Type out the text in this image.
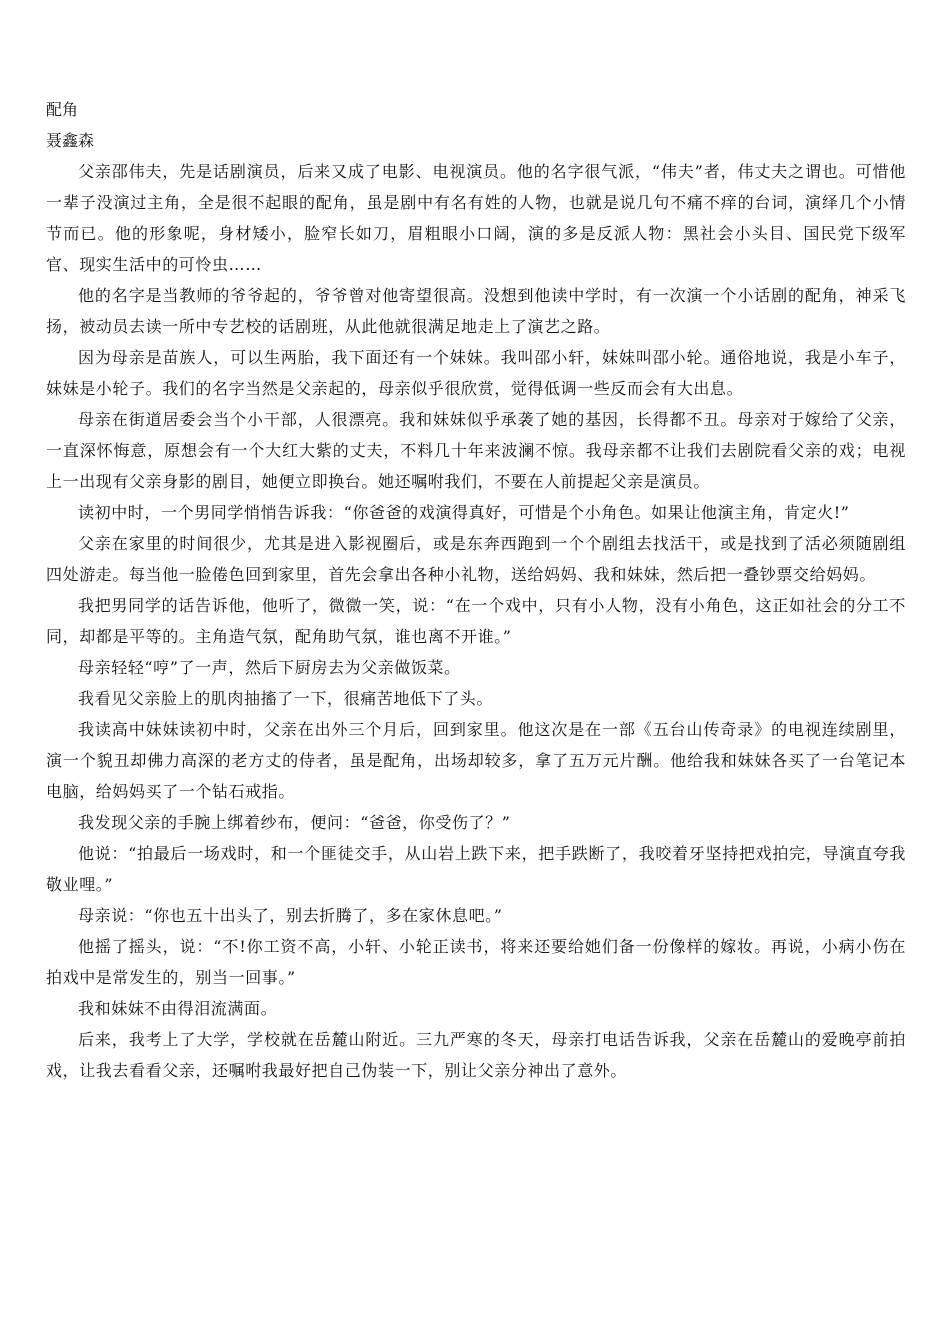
配角
聂鑫森

父亲邵伟夫，先是话剧演员，后来又成了电影、电视演员。他的名字很气派，“伟夫”者，伟丈夫之谓也。可惜他一辈子没演过主角，全是很不起眼的配角，虽是剧中有名有姓的人物，也就是说几句不痛不痒的台词，演绎几个小情节而已。他的形象呢，身材矮小，脸窄长如刀，眉粗眼小口阔，演的多是反派人物：黑社会小头目、国民党下级军官、现实生活中的可怜虫……

他的名字是当教师的爷爷起的，爷爷曾对他寄望很高。没想到他读中学时，有一次演一个小话剧的配角，神采飞扬，被动员去读一所中专艺校的话剧班，从此他就很满足地走上了演艺之路。

因为母亲是苗族人，可以生两胎，我下面还有一个妹妹。我叫邵小轩，妹妹叫邵小轮。通俗地说，我是小车子，妹妹是小轮子。我们的名字当然是父亲起的，母亲似乎很欣赏，觉得低调一些反而会有大出息。

母亲在街道居委会当个小干部，人很漂亮。我和妹妹似乎承袭了她的基因，长得都不丑。母亲对于嫁给了父亲，一直深怀悔意，原想会有一个大红大紫的丈夫，不料几十年来波澜不惊。我母亲都不让我们去剧院看父亲的戏；电视上一出现有父亲身影的剧目，她便立即换台。她还嘱咐我们，不要在人前提起父亲是演员。

读初中时，一个男同学悄悄告诉我：“你爸爸的戏演得真好，可惜是个小角色。如果让他演主角，肯定火!”

父亲在家里的时间很少，尤其是进入影视圈后，或是东奔西跑到一个个剧组去找活干，或是找到了活必须随剧组四处游走。每当他一脸倦色回到家里，首先会拿出各种小礼物，送给妈妈、我和妹妹，然后把一叠钞票交给妈妈。

我把男同学的话告诉他，他听了，微微一笑，说：“在一个戏中，只有小人物，没有小角色，这正如社会的分工不同，却都是平等的。主角造气氛，配角助气氛，谁也离不开谁。”

母亲轻轻“哼”了一声，然后下厨房去为父亲做饭菜。

我看见父亲脸上的肌肉抽搐了一下，很痛苦地低下了头。

我读高中妹妹读初中时，父亲在出外三个月后，回到家里。他这次是在一部《五台山传奇录》的电视连续剧里，演一个貌丑却佛力高深的老方丈的侍者，虽是配角，出场却较多，拿了五万元片酬。他给我和妹妹各买了一台笔记本电脑，给妈妈买了一个钻石戒指。

我发现父亲的手腕上绑着纱布，便问：“爸爸，你受伤了？”

他说：“拍最后一场戏时，和一个匪徒交手，从山岩上跌下来，把手跌断了，我咬着牙坚持把戏拍完，导演直夸我敬业哩。”

母亲说：“你也五十出头了，别去折腾了，多在家休息吧。”

他摇了摇头，说：“不!你工资不高，小轩、小轮正读书，将来还要给她们备一份像样的嫁妆。再说，小病小伤在拍戏中是常发生的，别当一回事。”

我和妹妹不由得泪流满面。

后来，我考上了大学，学校就在岳麓山附近。三九严寒的冬天，母亲打电话告诉我，父亲在岳麓山的爱晚亭前拍戏，让我去看看父亲，还嘱咐我最好把自己伪装一下，别让父亲分神出了意外。
